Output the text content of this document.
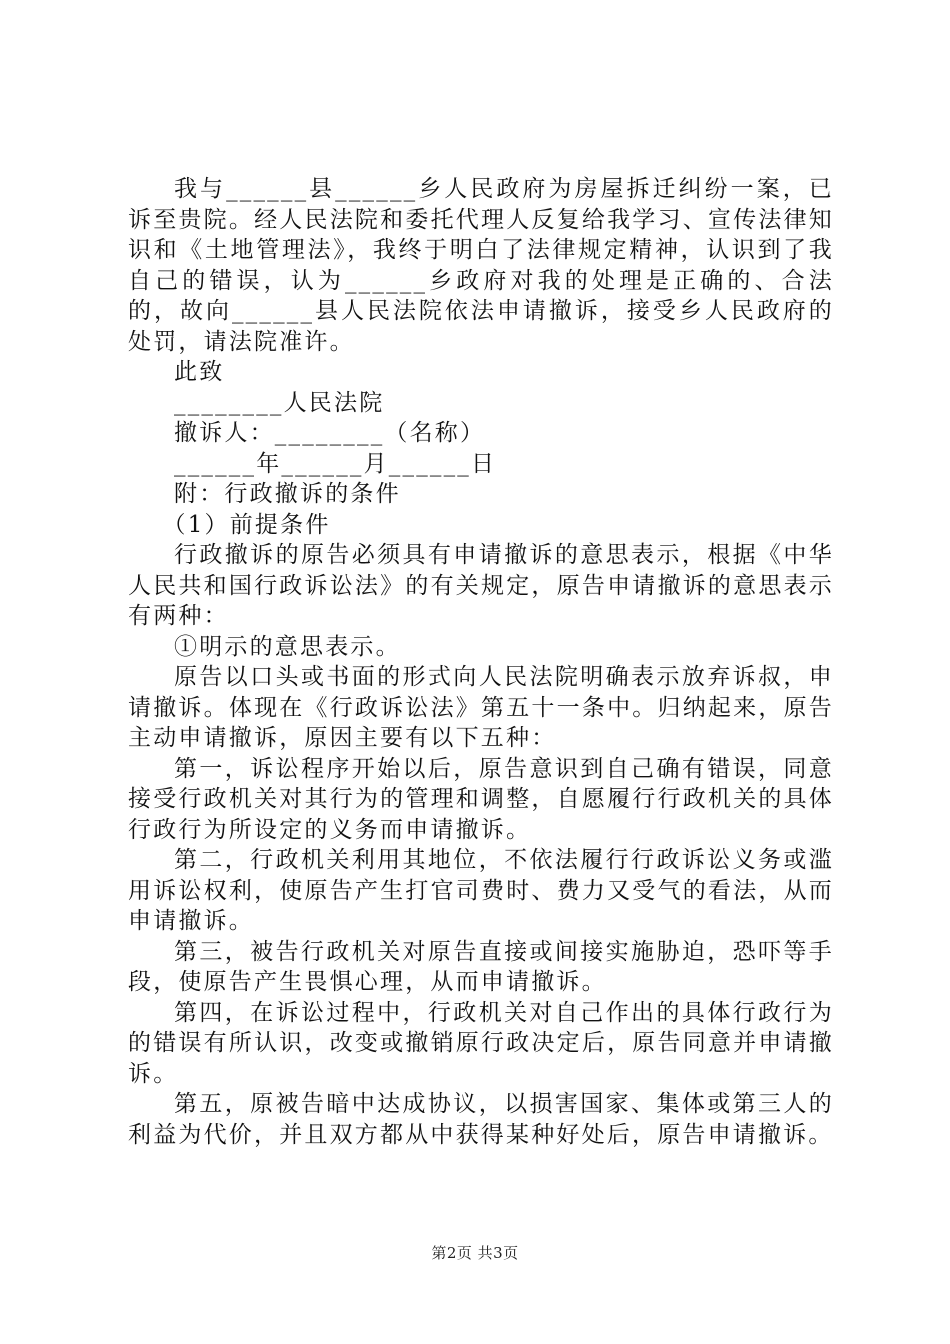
我与______县______乡人民政府为房屋拆迁纠纷一案，已诉至贵院。经人民法院和委托代理人反复给我学习、宣传法律知识和《土地管理法》，我终于明白了法律规定精神，认识到了我自己的错误，认为______乡政府对我的处理是正确的、合法的，故向______县人民法院依法申请撤诉，接受乡人民政府的处罚，请法院准许。

此致

________人民法院

撤诉人：________（名称）

______年______月______日

附：行政撤诉的条件

（1）前提条件

行政撤诉的原告必须具有申请撤诉的意思表示，根据《中华人民共和国行政诉讼法》的有关规定，原告申请撤诉的意思表示有两种：

①明示的意思表示。

原告以口头或书面的形式向人民法院明确表示放弃诉叔，申请撤诉。体现在《行政诉讼法》第五十一条中。归纳起来，原告主动申请撤诉，原因主要有以下五种：

第一，诉讼程序开始以后，原告意识到自己确有错误，同意接受行政机关对其行为的管理和调整，自愿履行行政机关的具体行政行为所设定的义务而申请撤诉。

第二，行政机关利用其地位，不依法履行行政诉讼义务或滥用诉讼权利，使原告产生打官司费时、费力又受气的看法，从而申请撤诉。

第三，被告行政机关对原告直接或间接实施胁迫，恐吓等手段，使原告产生畏惧心理，从而申请撤诉。

第四，在诉讼过程中，行政机关对自己作出的具体行政行为的错误有所认识，改变或撤销原行政决定后，原告同意并申请撤诉。

第五，原被告暗中达成协议，以损害国家、集体或第三人的利益为代价，并且双方都从中获得某种好处后，原告申请撤诉。

第2页 共3页
